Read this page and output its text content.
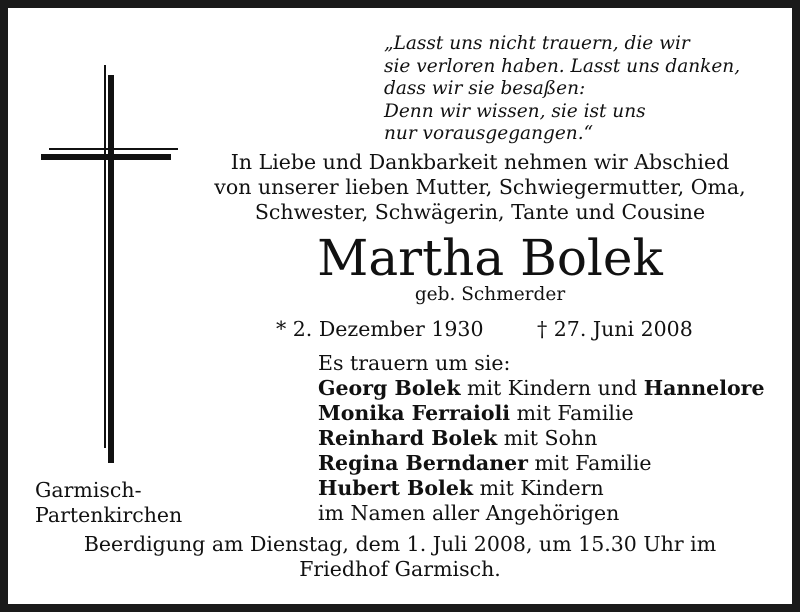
„Lasst uns nicht trauern, die wir
sie verloren haben. Lasst uns danken,
dass wir sie besaßen:
Denn wir wissen, sie ist uns
nur vorausgegangen.“
In Liebe und Dankbarkeit nehmen wir Abschied
von unserer lieben Mutter, Schwiegermutter, Oma,
Schwester, Schwägerin, Tante und Cousine
Martha Bolek
geb. Schmerder
* 2. Dezember 1930	† 27. Juni 2008
Es trauern um sie:
Georg Bolek mit Kindern und Hannelore
Monika Ferraioli mit Familie
Reinhard Bolek mit Sohn
Regina Berndaner mit Familie
Hubert Bolek mit Kindern
im Namen aller Angehörigen
Garmisch-
Partenkirchen
Beerdigung am Dienstag, dem 1. Juli 2008, um 15.30 Uhr im
Friedhof Garmisch.
